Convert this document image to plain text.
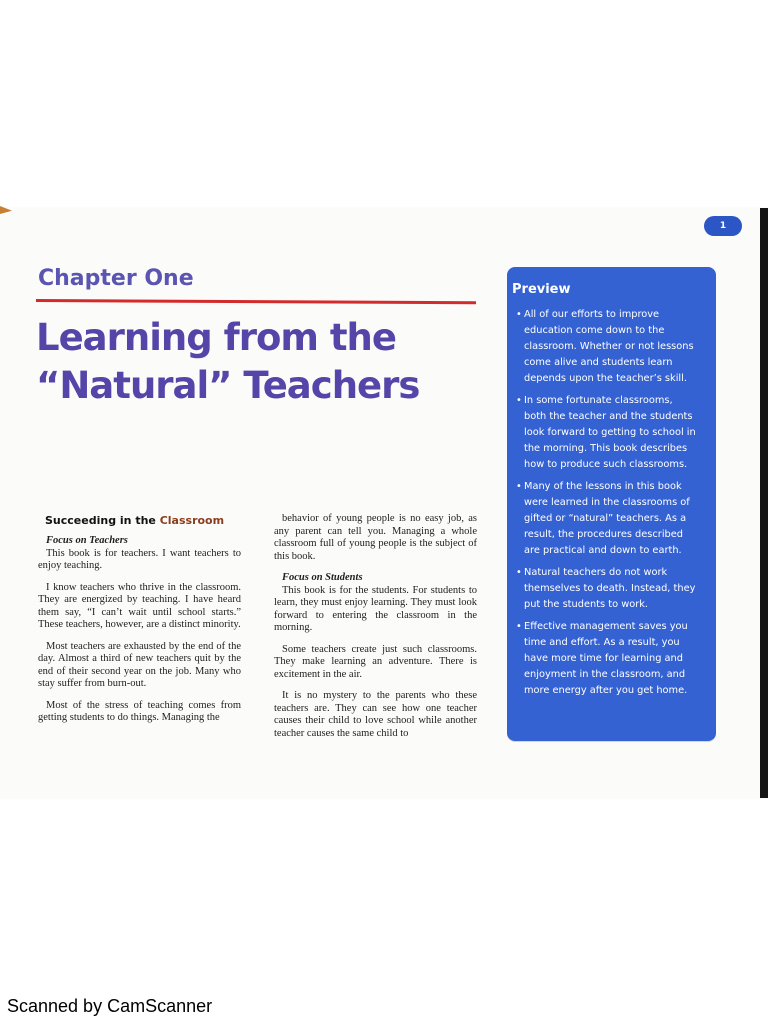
1
Chapter One
Learning from the “Natural” Teachers
Succeeding in the Classroom

Focus on Teachers

This book is for teachers. I want teachers to enjoy teaching.

I know teachers who thrive in the classroom. They are energized by teaching. I have heard them say, “I can’t wait until school starts.” These teachers, however, are a distinct minority.

Most teachers are exhausted by the end of the day. Almost a third of new teachers quit by the end of their second year on the job. Many who stay suffer from burn-out.

Most of the stress of teaching comes from getting students to do things. Managing the

behavior of young people is no easy job, as any parent can tell you. Managing a whole classroom full of young people is the subject of this book.

Focus on Students

This book is for the students. For students to learn, they must enjoy learning. They must look forward to entering the classroom in the morning.

Some teachers create just such classrooms. They make learning an adventure. There is excitement in the air.

It is no mystery to the parents who these teachers are. They can see how one teacher causes their child to love school while another teacher causes the same child to

Preview
• All of our efforts to improve education come down to the classroom. Whether or not lessons come alive and students learn depends upon the teacher’s skill.
• In some fortunate classrooms, both the teacher and the students look forward to getting to school in the morning. This book describes how to produce such classrooms.
• Many of the lessons in this book were learned in the classrooms of gifted or “natural” teachers. As a result, the procedures described are practical and down to earth.
• Natural teachers do not work themselves to death. Instead, they put the students to work.
• Effective management saves you time and effort. As a result, you have more time for learning and enjoyment in the classroom, and more energy after you get home.
Scanned by CamScanner
